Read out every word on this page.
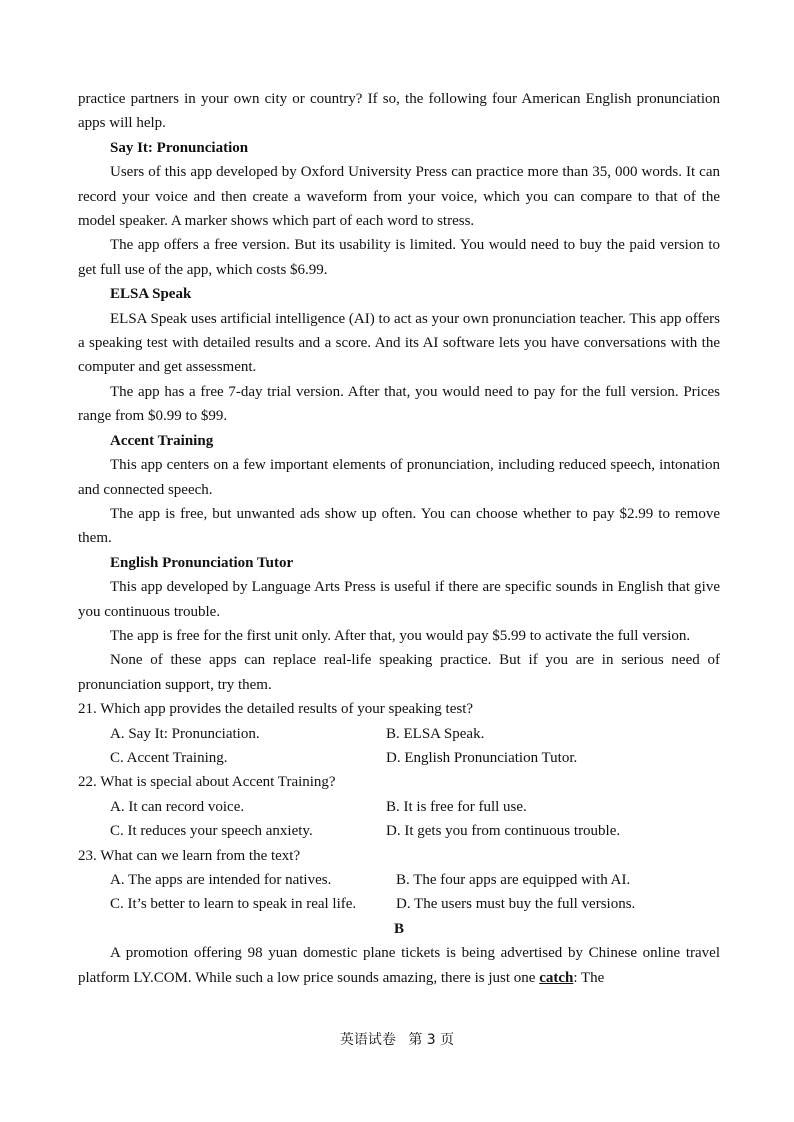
practice partners in your own city or country? If so, the following four American English pronunciation apps will help.

Say It: Pronunciation

Users of this app developed by Oxford University Press can practice more than 35, 000 words. It can record your voice and then create a waveform from your voice, which you can compare to that of the model speaker. A marker shows which part of each word to stress.

The app offers a free version. But its usability is limited. You would need to buy the paid version to get full use of the app, which costs $6.99.

ELSA Speak

ELSA Speak uses artificial intelligence (AI) to act as your own pronunciation teacher. This app offers a speaking test with detailed results and a score. And its AI software lets you have conversations with the computer and get assessment.

The app has a free 7-day trial version. After that, you would need to pay for the full version. Prices range from $0.99 to $99.

Accent Training

This app centers on a few important elements of pronunciation, including reduced speech, intonation and connected speech.

The app is free, but unwanted ads show up often. You can choose whether to pay $2.99 to remove them.

English Pronunciation Tutor

This app developed by Language Arts Press is useful if there are specific sounds in English that give you continuous trouble.

The app is free for the first unit only. After that, you would pay $5.99 to activate the full version.

None of these apps can replace real-life speaking practice. But if you are in serious need of pronunciation support, try them.

21. Which app provides the detailed results of your speaking test?

A. Say It: Pronunciation.	B. ELSA Speak.
C. Accent Training.	D. English Pronunciation Tutor.

22. What is special about Accent Training?

A. It can record voice.	B. It is free for full use.
C. It reduces your speech anxiety.	D. It gets you from continuous trouble.

23. What can we learn from the text?

A. The apps are intended for natives.	B. The four apps are equipped with AI.
C. It’s better to learn to speak in real life.	D. The users must buy the full versions.

B

A promotion offering 98 yuan domestic plane tickets is being advertised by Chinese online travel platform LY.COM. While such a low price sounds amazing, there is just one catch: The

英语试卷 第 3 页
